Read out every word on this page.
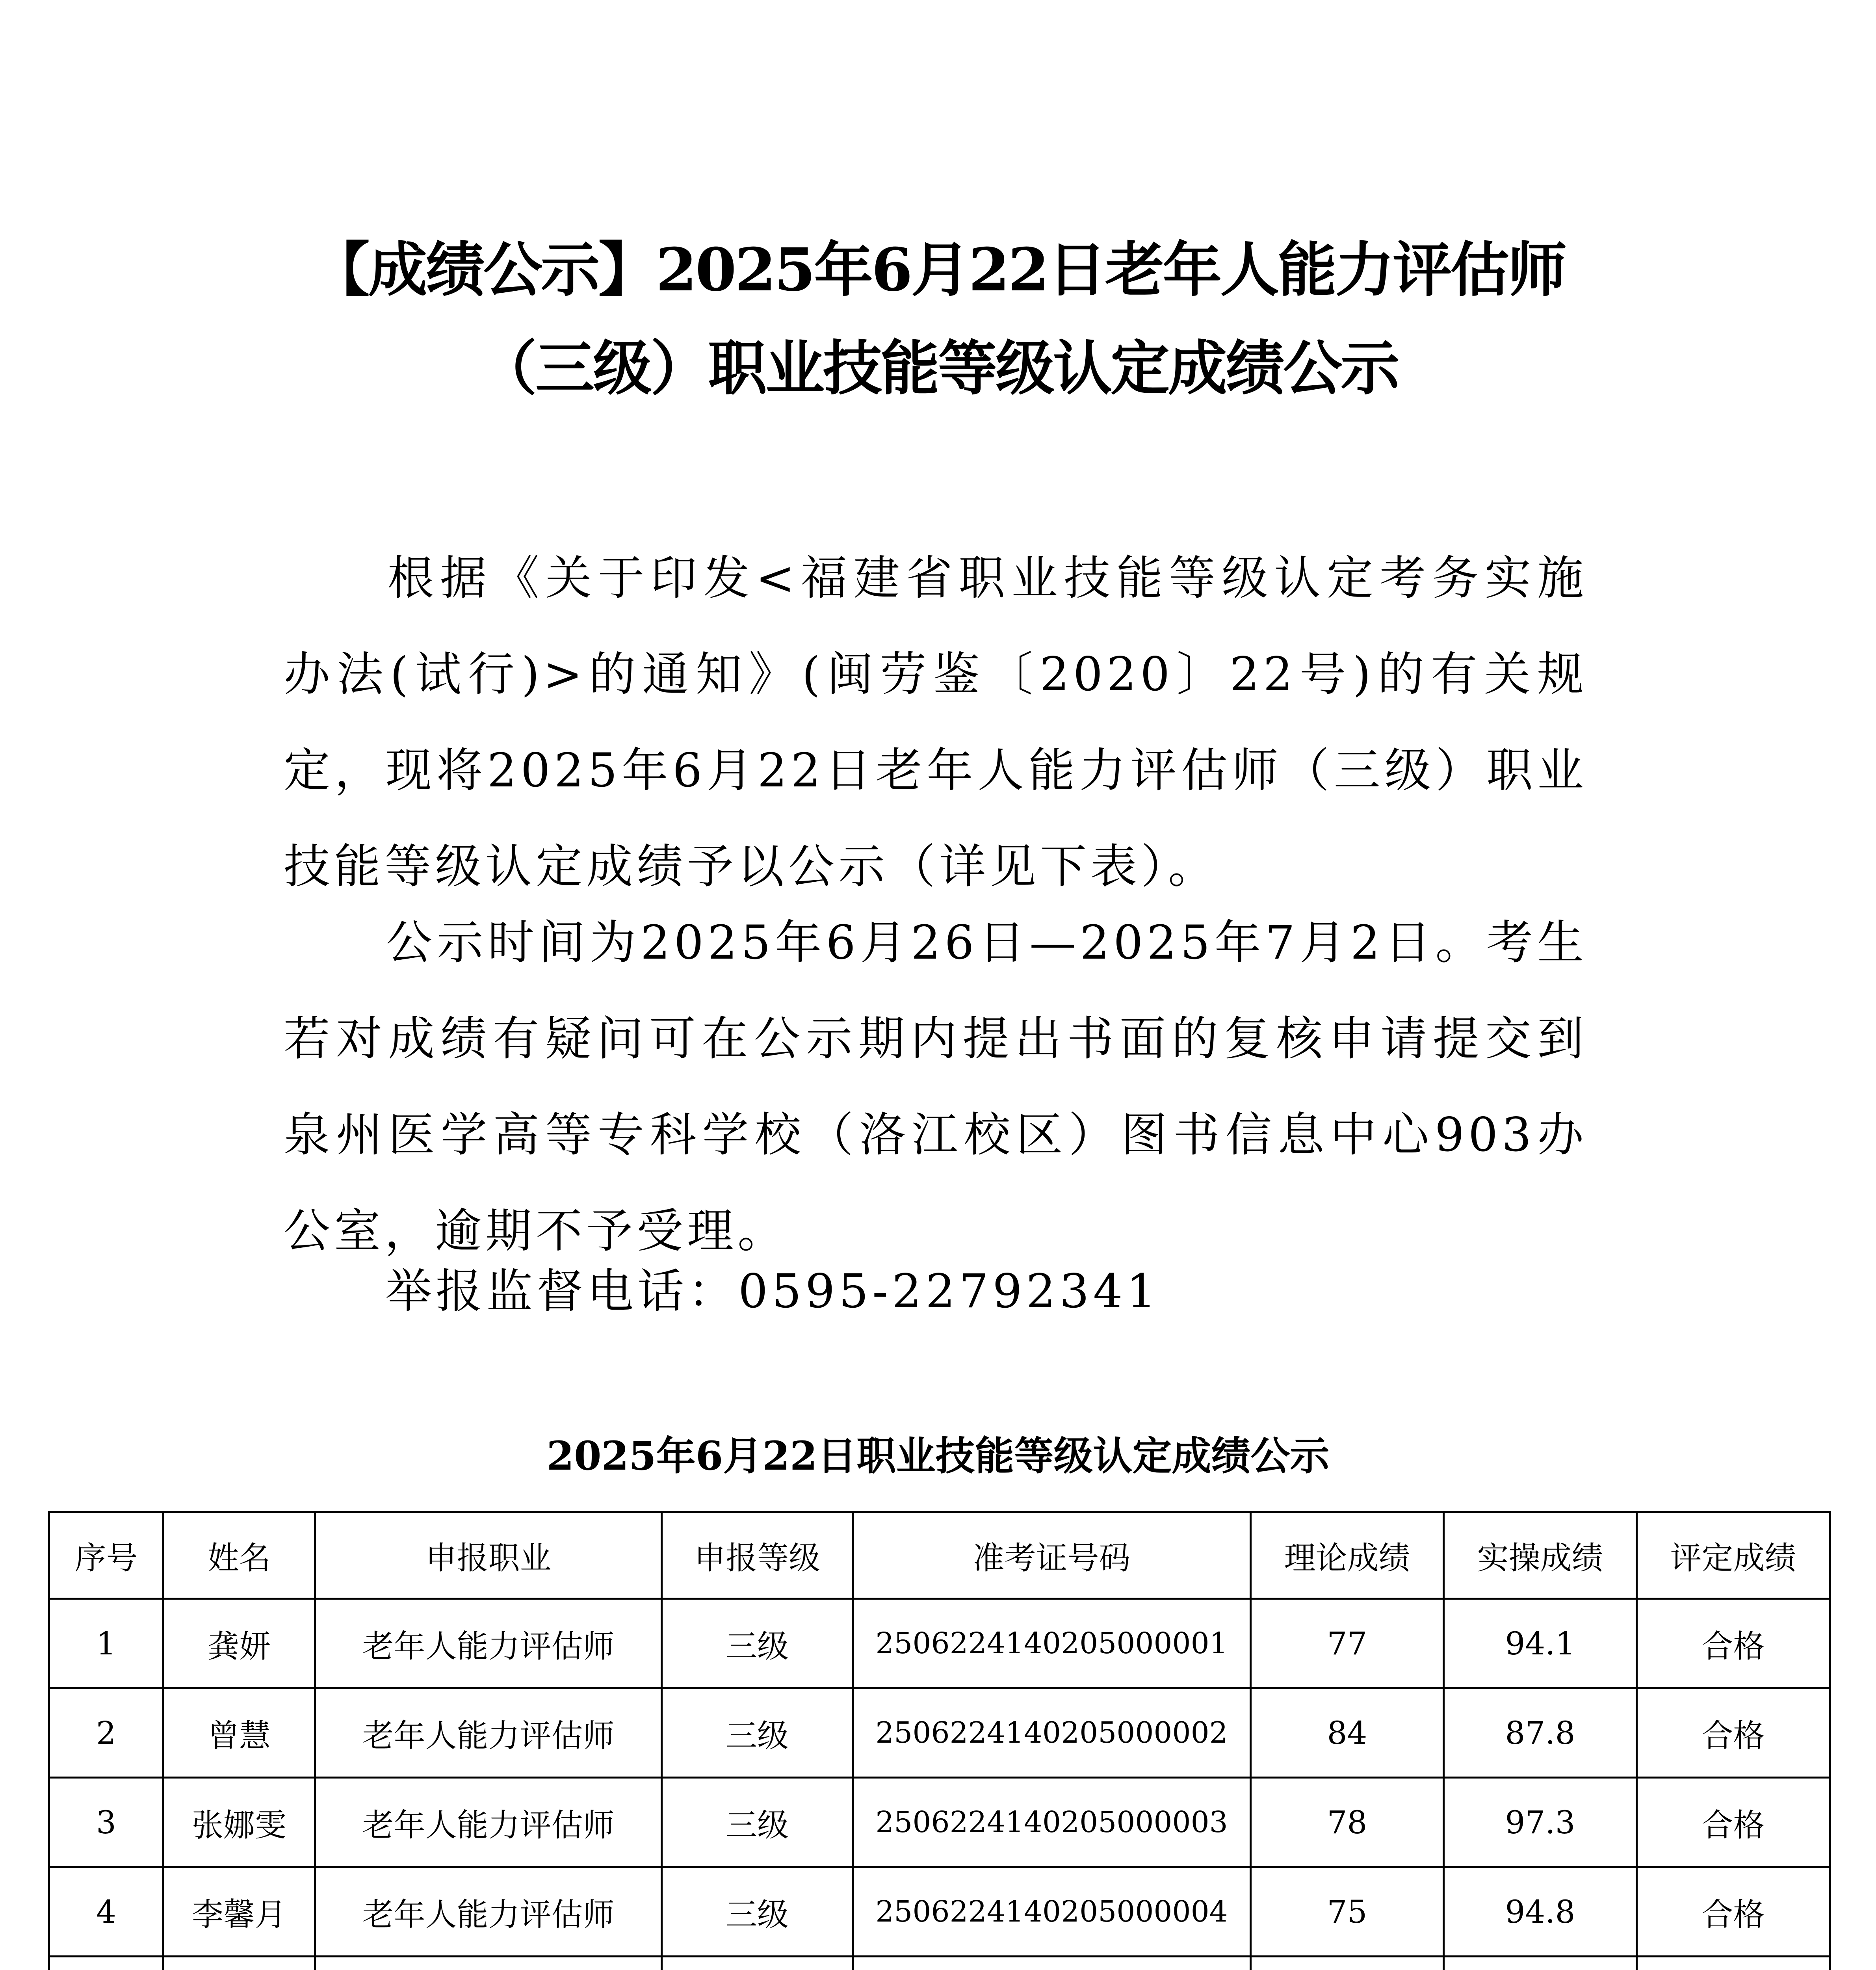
【成绩公示】2025年6月22日老年人能力评估师
（三级）职业技能等级认定成绩公示
根据《关于印发<福建省职业技能等级认定考务实施办法(试行)>的通知》(闽劳鉴〔2020〕22号)的有关规定，现将2025年6月22日老年人能力评估师（三级）职业技能等级认定成绩予以公示（详见下表）。
公示时间为2025年6月26日—2025年7月2日。考生若对成绩有疑问可在公示期内提出书面的复核申请提交到泉州医学高等专科学校（洛江校区）图书信息中心903办公室，逾期不予受理。
举报监督电话：0595-22792341
2025年6月22日职业技能等级认定成绩公示
序号	姓名	申报职业	申报等级	准考证号码	理论成绩	实操成绩	评定成绩
1	龚妍	老年人能力评估师	三级	2506224140205000001	77	94.1	合格
2	曾慧	老年人能力评估师	三级	2506224140205000002	84	87.8	合格
3	张娜雯	老年人能力评估师	三级	2506224140205000003	78	97.3	合格
4	李馨月	老年人能力评估师	三级	2506224140205000004	75	94.8	合格
